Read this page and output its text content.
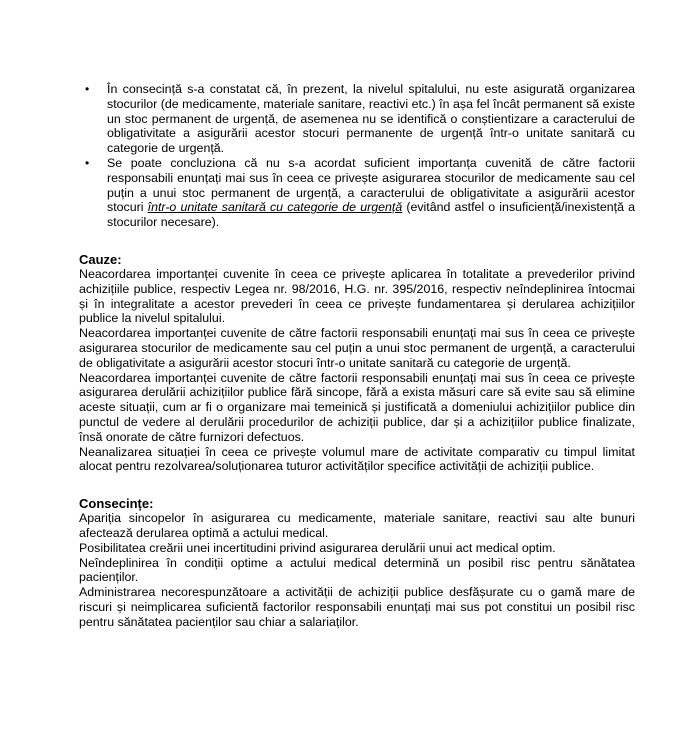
• În consecință s-a constatat că, în prezent, la nivelul spitalului, nu este asigurată organizarea stocurilor (de medicamente, materiale sanitare, reactivi etc.) în așa fel încât permanent să existe un stoc permanent de urgență, de asemenea nu se identifică o conștientizare a caracterului de obligativitate a asigurării acestor stocuri permanente de urgență într-o unitate sanitară cu categorie de urgență.
• Se poate concluziona că nu s-a acordat suficient importanța cuvenită de către factorii responsabili enunțați mai sus în ceea ce privește asigurarea stocurilor de medicamente sau cel puțin a unui stoc permanent de urgență, a caracterului de obligativitate a asigurării acestor stocuri într-o unitate sanitară cu categorie de urgență (evitând astfel o insuficiență/inexistență a stocurilor necesare).
Cauze:

Neacordarea importanței cuvenite în ceea ce privește aplicarea în totalitate a prevederilor privind achizițiile publice, respectiv Legea nr. 98/2016, H.G. nr. 395/2016, respectiv neîndeplinirea întocmai și în integralitate a acestor prevederi în ceea ce privește fundamentarea și derularea achizițiilor publice la nivelul spitalului.

Neacordarea importanței cuvenite de către factorii responsabili enunțați mai sus în ceea ce privește asigurarea stocurilor de medicamente sau cel puțin a unui stoc permanent de urgență, a caracterului de obligativitate a asigurării acestor stocuri într-o unitate sanitară cu categorie de urgență.

Neacordarea importanței cuvenite de către factorii responsabili enunțați mai sus în ceea ce privește asigurarea derulării achizițiilor publice fără sincope, fără a exista măsuri care să evite sau să elimine aceste situații, cum ar fi o organizare mai temeinică și justificată a domeniului achizițiilor publice din punctul de vedere al derulării procedurilor de achiziții publice, dar și a achizițiilor publice finalizate, însă onorate de către furnizori defectuos.

Neanalizarea situației în ceea ce privește volumul mare de activitate comparativ cu timpul limitat alocat pentru rezolvarea/soluționarea tuturor activităților specifice activității de achiziții publice.

Consecințe:

Apariția sincopelor în asigurarea cu medicamente, materiale sanitare, reactivi sau alte bunuri afectează derularea optimă a actului medical.

Posibilitatea creării unei incertitudini privind asigurarea derulării unui act medical optim.

Neîndeplinirea în condiții optime a actului medical determină un posibil risc pentru sănătatea pacienților.

Administrarea necorespunzătoare a activității de achiziții publice desfășurate cu o gamă mare de riscuri și neimplicarea suficientă factorilor responsabili enunțați mai sus pot constitui un posibil risc pentru sănătatea pacienților sau chiar a salariaților.
